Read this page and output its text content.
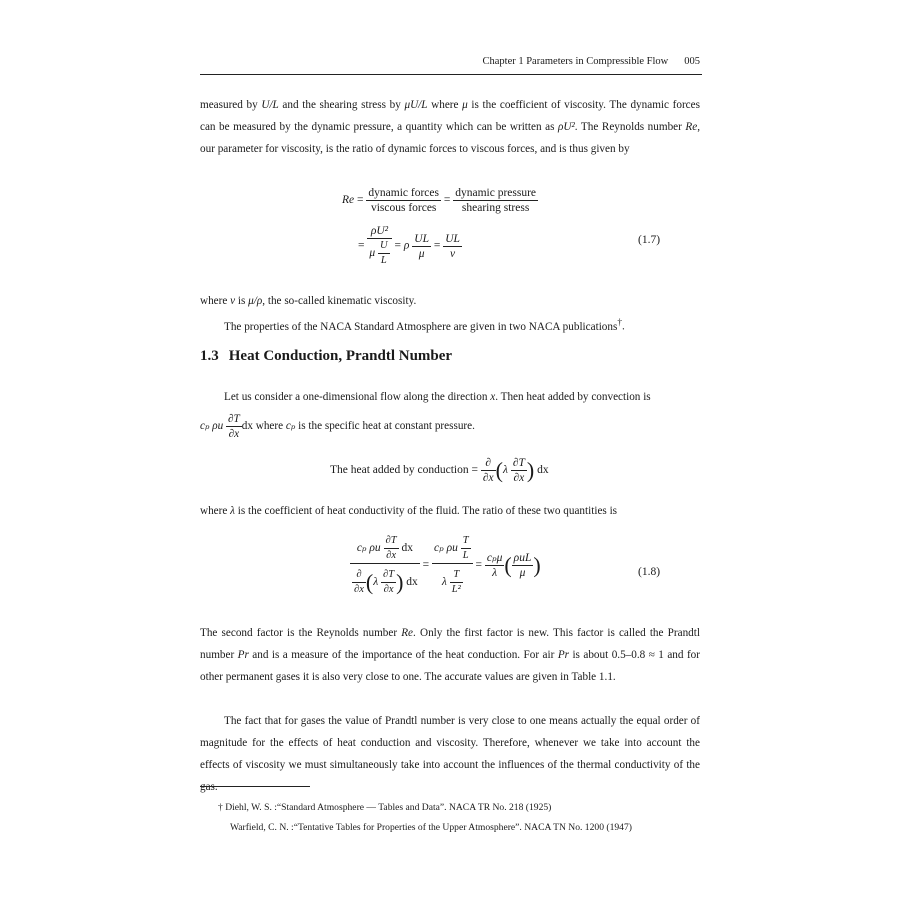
Chapter 1 Parameters in Compressible Flow 005
measured by U/L and the shearing stress by μU/L where μ is the coefficient of viscosity. The dynamic forces can be measured by the dynamic pressure, a quantity which can be written as ρU². The Reynolds number Re, our parameter for viscosity, is the ratio of dynamic forces to viscous forces, and is thus given by
$Re = \frac{\text{dynamic forces}}{\text{viscous forces}} = \frac{\text{dynamic pressure}}{\text{shearing stress}}$
= $\frac{\text{ρU²}}{\mu \frac{U}{L}} = \rho \frac{UL}{\mu} = \frac{UL}{\nu}$	(1.7)
where ν is μ/ρ, the so-called kinematic viscosity.
The properties of the NACA Standard Atmosphere are given in two NACA publications†.
1.3 Heat Conduction, Prandtl Number
Let us consider a one-dimensional flow along the direction x. Then heat added by convection is
cₚ ρu $\frac{\partial T}{\partial x}$ dx where cₚ is the specific heat at constant pressure.
The heat added by conduction = $\frac{\partial}{\partial x} (\lambda \frac{\partial T}{\partial x}$ ) dx
where λ is the coefficient of heat conductivity of the fluid. The ratio of these two quantities is
$\frac{c_p \rho u \frac{\partial T}{\partial x} dx}{\frac{\partial}{\partial x} (\lambda \frac{\partial T}{\partial x} ) dx} = \frac{c_p \rho u \frac{T}{L}}{\lambda \frac{T}{\text{L²}}} = \frac{\text{cₚμ}}{\lambda}$ ( $\frac{\text{ρuL}}{\mu}$ )	(1.8)
The second factor is the Reynolds number Re. Only the first factor is new. This factor is called the Prandtl number Pr and is a measure of the importance of the heat conduction. For air Pr is about 0.5–0.8 ≈ 1 and for other permanent gases it is also very close to one. The accurate values are given in Table 1.1.
The fact that for gases the value of Prandtl number is very close to one means actually the equal order of magnitude for the effects of heat conduction and viscosity. Therefore, whenever we take into account the effects of viscosity we must simultaneously take into account the influences of the thermal conductivity of the gas.
† Diehl, W. S. :“Standard Atmosphere — Tables and Data”. NACA TR No. 218 (1925)
Warfield, C. N. :“Tentative Tables for Properties of the Upper Atmosphere”. NACA TN No. 1200 (1947)
